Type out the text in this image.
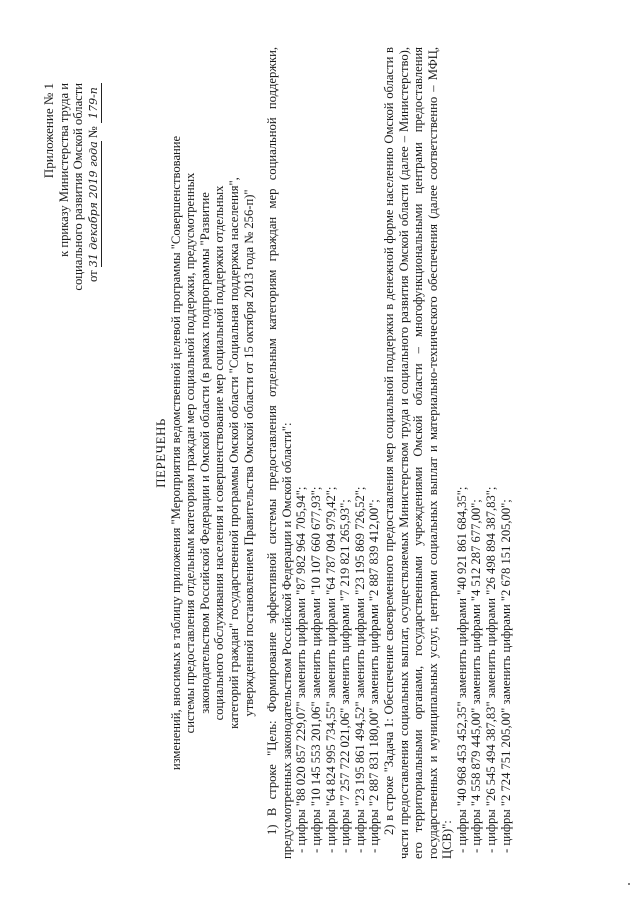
Приложение № 1 к приказу Министерства труда и социального развития Омской области от 31 декабря 2019 года № 179-п
ПЕРЕЧЕНЬ изменений, вносимых в таблицу приложения "Мероприятия ведомственной целевой программы "Совершенствование системы предоставления отдельным категориям граждан мер социальной поддержки, предусмотренных законодательством Российской Федерации и Омской области (в рамках подпрограммы "Развитие социального обслуживания населения и совершенствование мер социальной поддержки отдельных категорий граждан" государственной программы Омской области "Социальная поддержка населения", утвержденной постановлением Правительства Омской области от 15 октября 2013 года № 256-п)" 1) В строке "Цель: Формирование эффективной системы предоставления отдельным категориям граждан мер социальной поддержки, предусмотренных законодательством Российской Федерации и Омской области": - цифры "88 020 857 229,07" заменить цифрами "87 982 964 705,94"; - цифры "10 145 553 201,06" заменить цифрами "10 107 660 677,93"; - цифры "64 824 995 734,55" заменить цифрами "64 787 094 979,42"; - цифры "7 257 722 021,06" заменить цифрами "7 219 821 265,93"; - цифры "23 195 861 494,52" заменить цифрами "23 195 869 726,52"; - цифры "2 887 831 180,00" заменить цифрами "2 887 839 412,00"; 2) в строке "Задача 1: Обеспечение своевременного предоставления мер социальной поддержки в денежной форме населению Омской области в части предоставления социальных выплат, осуществляемых Министерством труда и социального развития Омской области (далее – Министерство), его территориальными органами, государственными учреждениями Омской области – многофункциональными центрами предоставления государственных и муниципальных услуг, центрами социальных выплат и материально-технического обеспечения (далее соответственно – МФЦ, ЦСВ)": - цифры "40 968 453 452,35" заменить цифрами "40 921 861 684,35"; - цифры "4 558 879 445,00" заменить цифрами "4 512 287 677,00"; - цифры "26 545 494 387,83" заменить цифрами "26 498 894 387,83"; - цифры "2 724 751 205,00" заменить цифрами "2 678 151 205,00";
